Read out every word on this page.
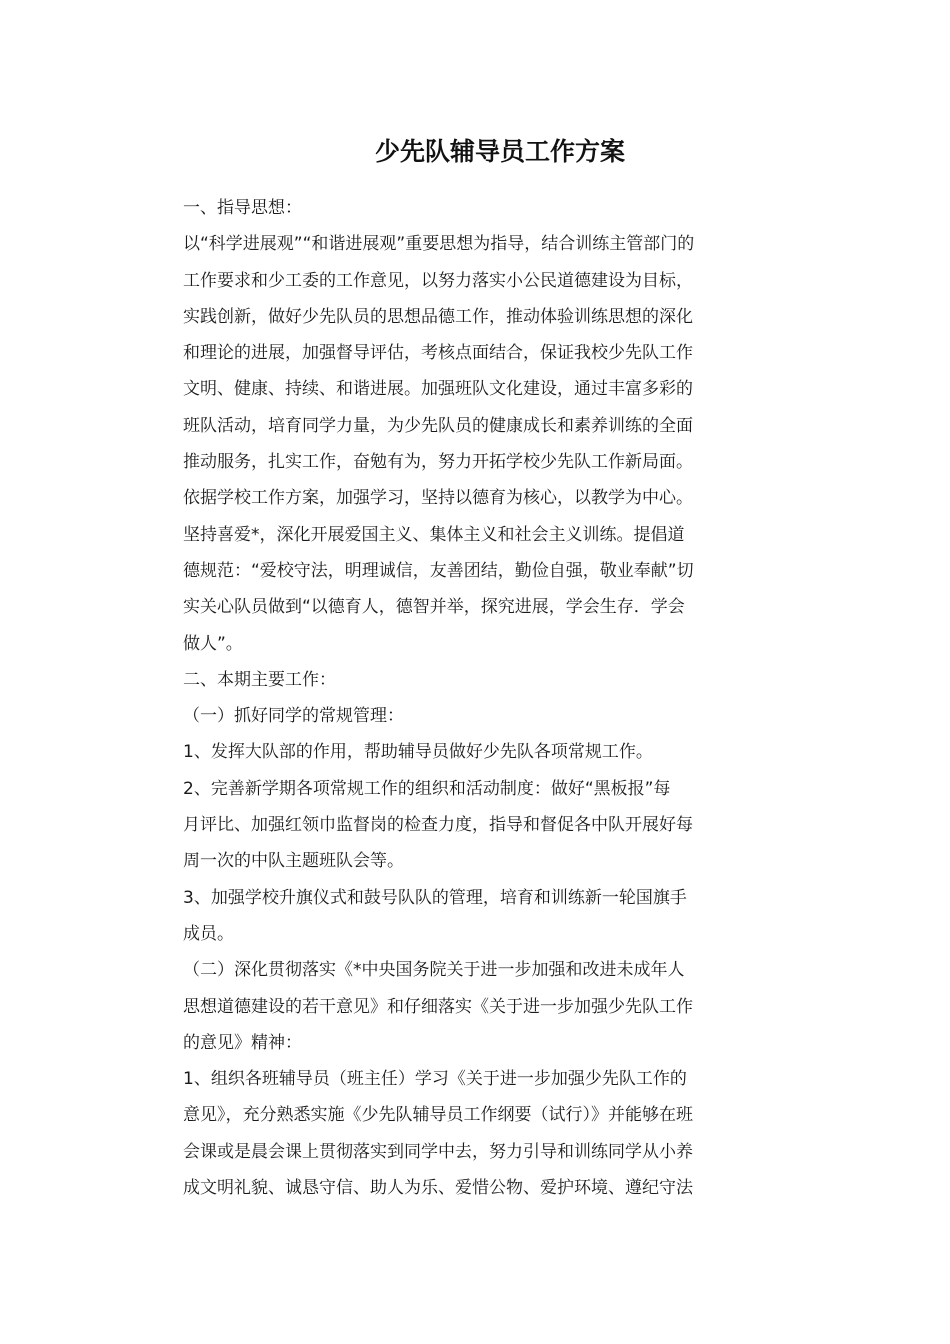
少先队辅导员工作方案

一、指导思想：

以“科学进展观”“和谐进展观”重要思想为指导，结合训练主管部门的

工作要求和少工委的工作意见，以努力落实小公民道德建设为目标，

实践创新，做好少先队员的思想品德工作，推动体验训练思想的深化

和理论的进展，加强督导评估，考核点面结合，保证我校少先队工作

文明、健康、持续、和谐进展。加强班队文化建设，通过丰富多彩的

班队活动，培育同学力量，为少先队员的健康成长和素养训练的全面

推动服务，扎实工作，奋勉有为，努力开拓学校少先队工作新局面。

依据学校工作方案，加强学习，坚持以德育为核心，以教学为中心。

坚持喜爱*，深化开展爱国主义、集体主义和社会主义训练。提倡道

德规范：“爱校守法，明理诚信，友善团结，勤俭自强，敬业奉献”切

实关心队员做到“以德育人，德智并举，探究进展，学会生存．学会

做人”。

二、本期主要工作：

（一）抓好同学的常规管理：

1、发挥大队部的作用，帮助辅导员做好少先队各项常规工作。

2、完善新学期各项常规工作的组织和活动制度：做好“黑板报”每

月评比、加强红领巾监督岗的检查力度，指导和督促各中队开展好每

周一次的中队主题班队会等。

3、加强学校升旗仪式和鼓号队队的管理，培育和训练新一轮国旗手

成员。

（二）深化贯彻落实《*中央国务院关于进一步加强和改进未成年人

思想道德建设的若干意见》和仔细落实《关于进一步加强少先队工作

的意见》精神：

1、组织各班辅导员（班主任）学习《关于进一步加强少先队工作的

意见》，充分熟悉实施《少先队辅导员工作纲要（试行）》并能够在班

会课或是晨会课上贯彻落实到同学中去，努力引导和训练同学从小养

成文明礼貌、诚恳守信、助人为乐、爱惜公物、爱护环境、遵纪守法
